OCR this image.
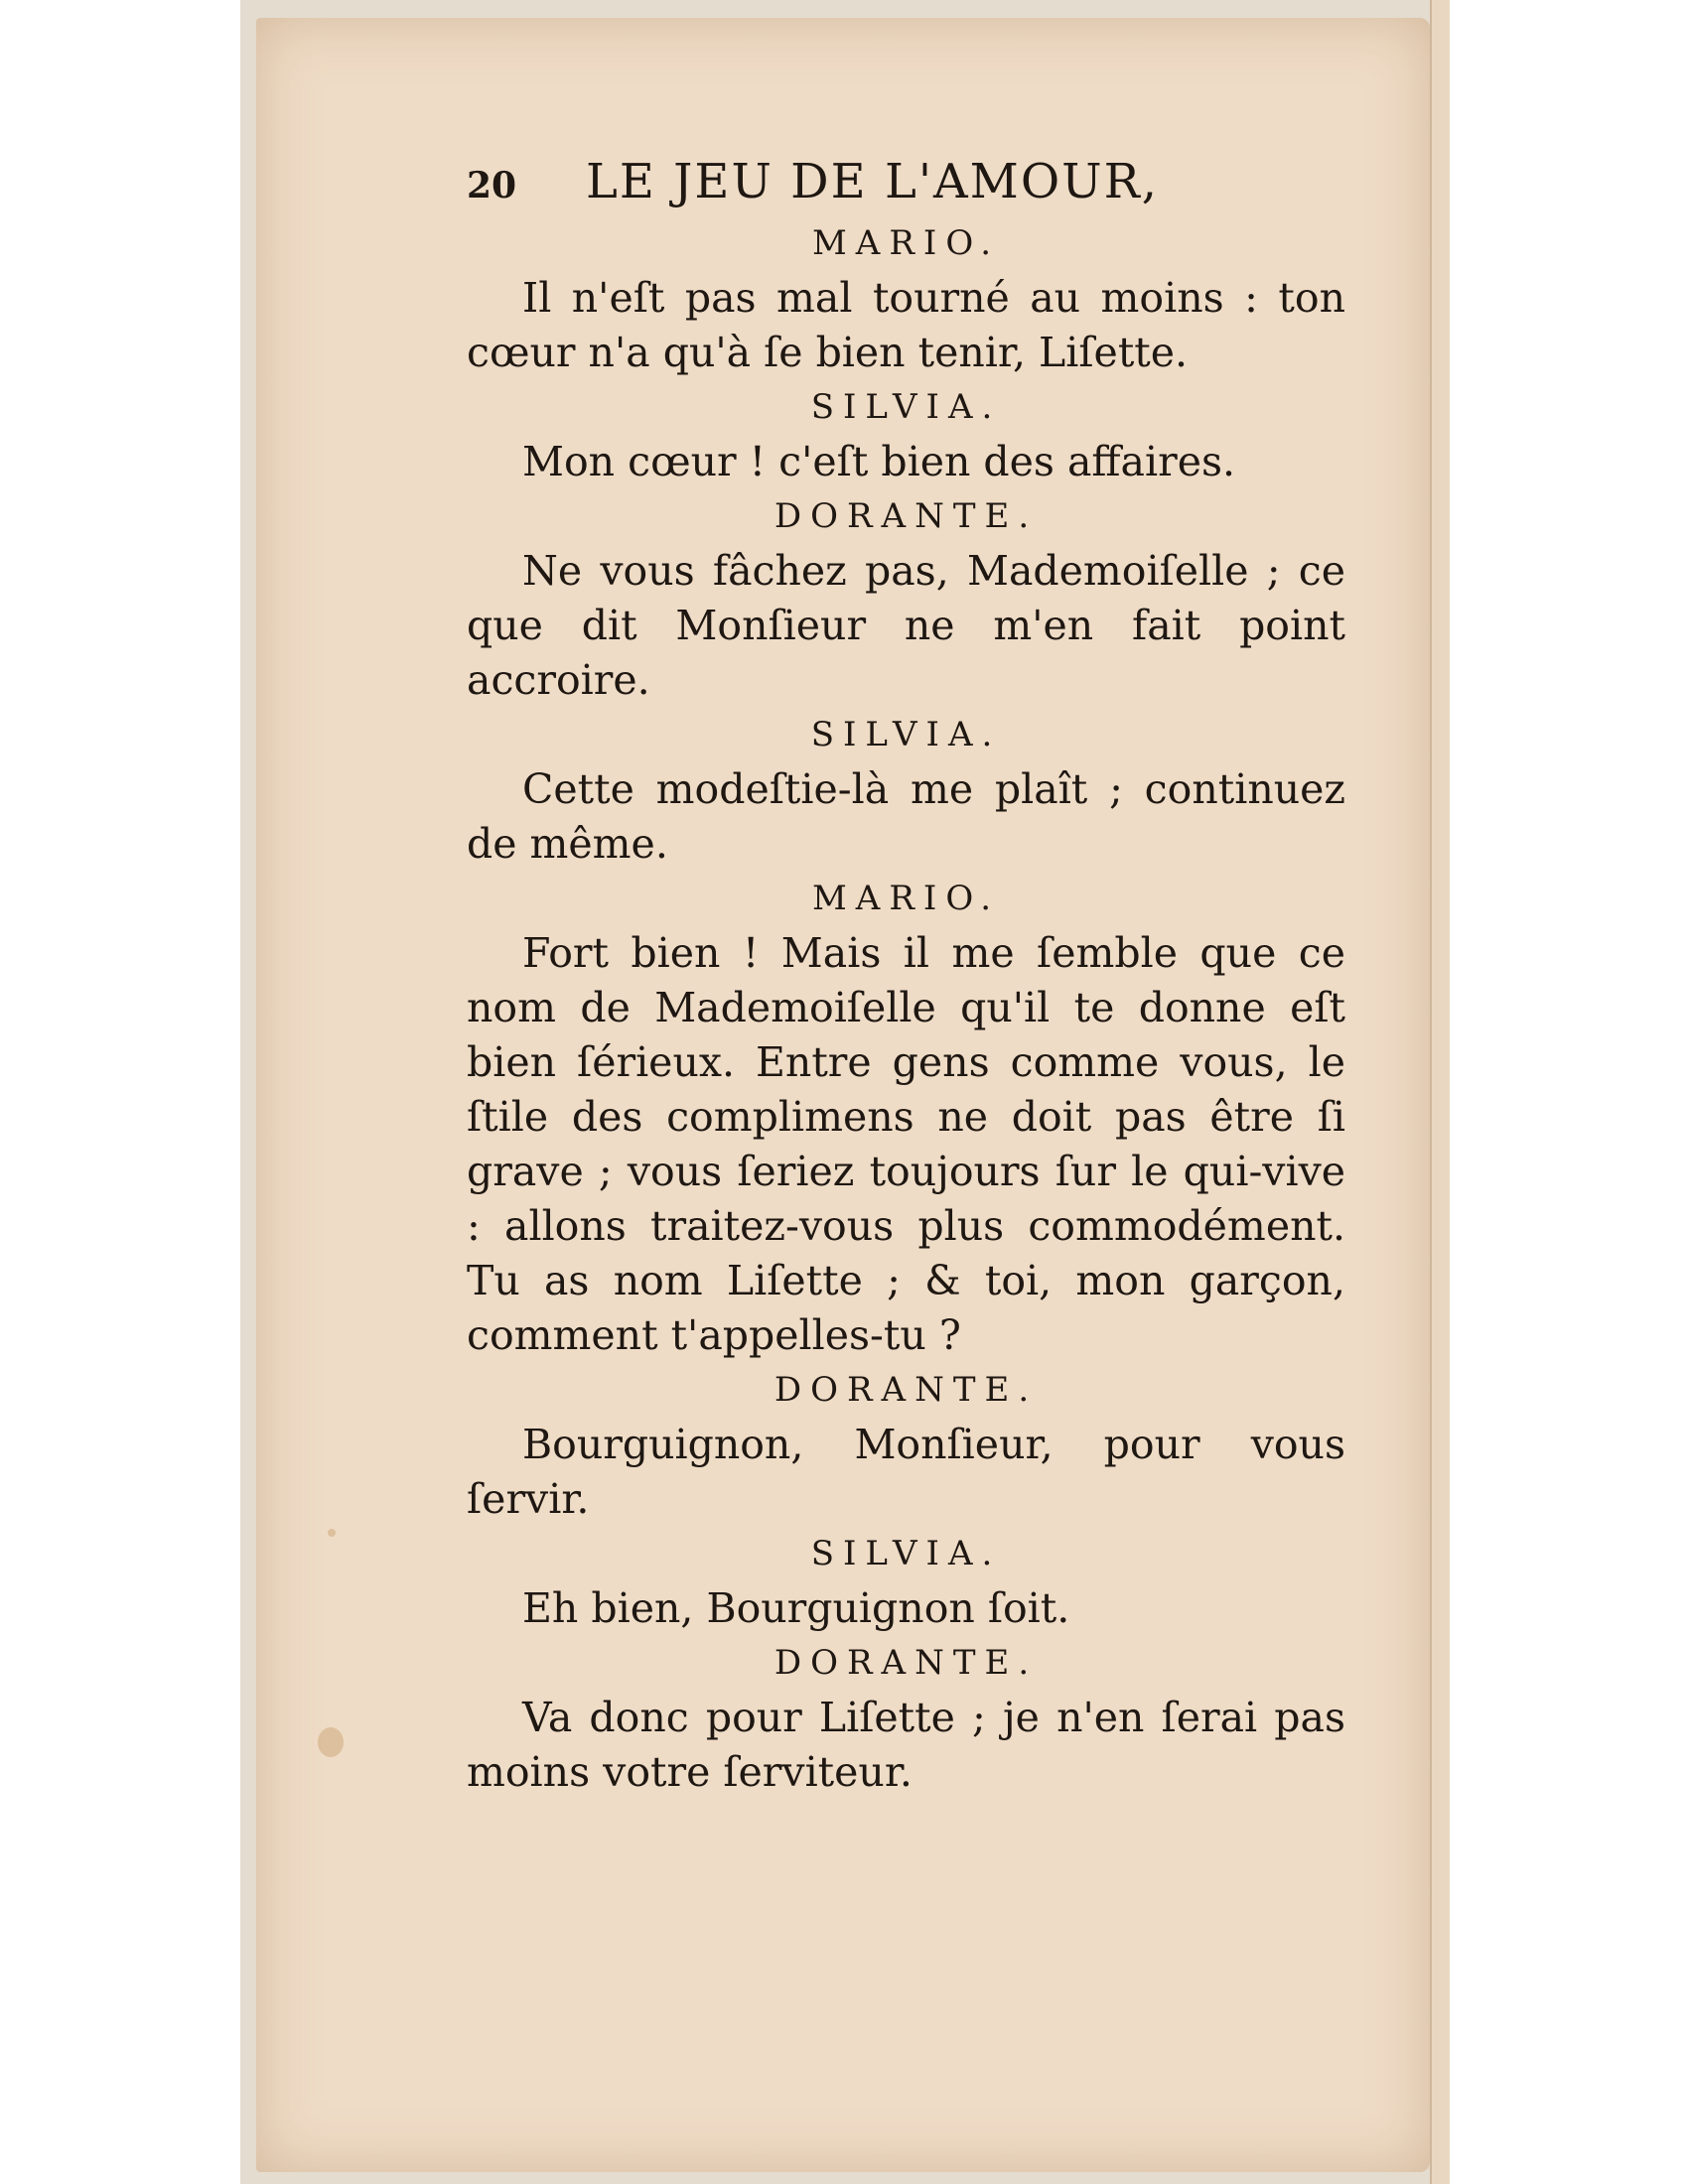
20	LE JEU DE L'AMOUR,
MARIO.

Il n'eſt pas mal tourné au moins : ton cœur n'a qu'à ſe bien tenir, Liſette.

SILVIA.

Mon cœur ! c'eſt bien des affaires.

DORANTE.

Ne vous fâchez pas, Mademoiſelle ; ce que dit Monſieur ne m'en fait point accroire.

SILVIA.

Cette modeſtie-là me plaît ; continuez de même.

MARIO.

Fort bien ! Mais il me ſemble que ce nom de Mademoiſelle qu'il te donne eſt bien ſérieux. Entre gens comme vous, le ſtile des complimens ne doit pas être ſi grave ; vous ſeriez toujours ſur le qui-vive : allons traitez-vous plus commodément. Tu as nom Liſette ; & toi, mon garçon, comment t'appelles-tu ?

DORANTE.

Bourguignon, Monſieur, pour vous ſervir.

SILVIA.

Eh bien, Bourguignon ſoit.

DORANTE.

Va donc pour Liſette ; je n'en ſerai pas moins votre ſerviteur.
